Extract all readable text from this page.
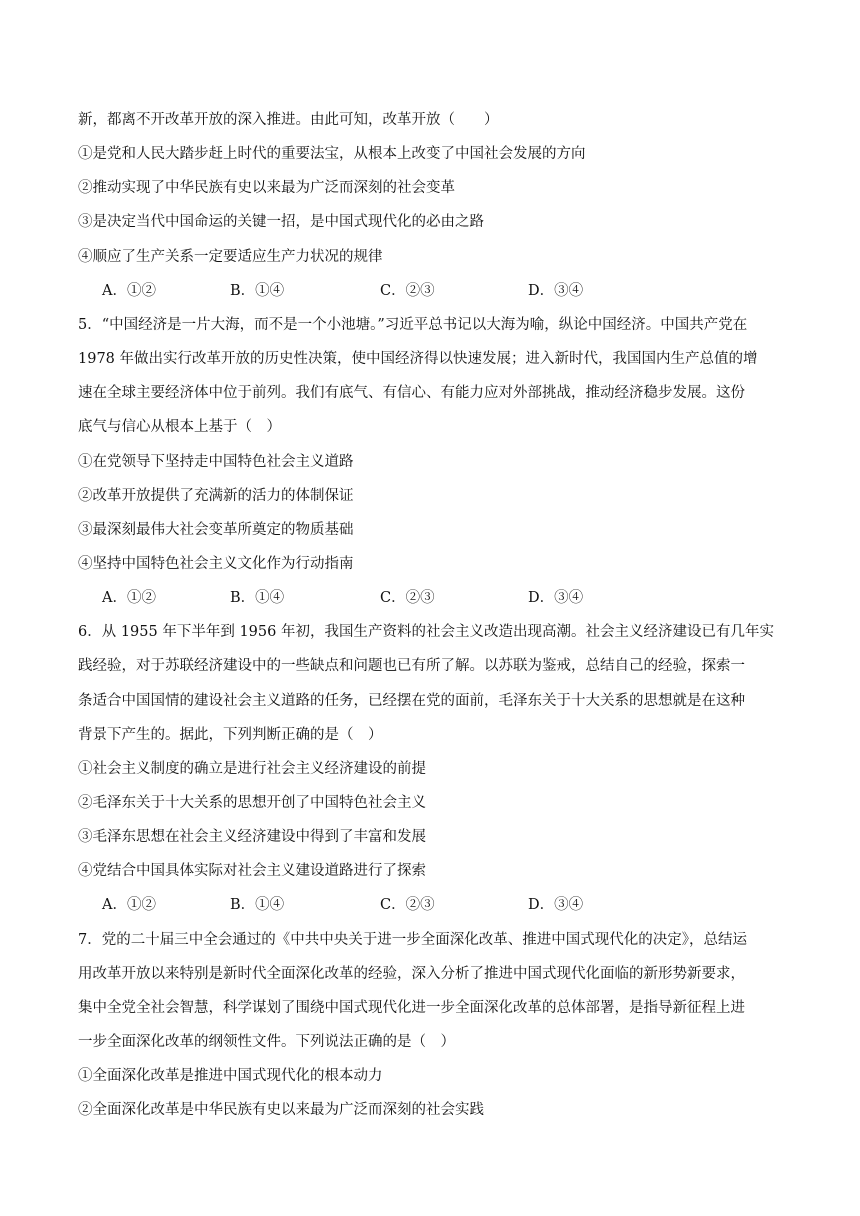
新，都离不开改革开放的深入推进。由此可知，改革开放（　　）
①是党和人民大踏步赶上时代的重要法宝，从根本上改变了中国社会发展的方向
②推动实现了中华民族有史以来最为广泛而深刻的社会变革
③是决定当代中国命运的关键一招，是中国式现代化的必由之路
④顺应了生产关系一定要适应生产力状况的规律
A．①②	B．①④	C．②③	D．③④
5．“中国经济是一片大海，而不是一个小池塘。”习近平总书记以大海为喻，纵论中国经济。中国共产党在
1978 年做出实行改革开放的历史性决策，使中国经济得以快速发展；进入新时代，我国国内生产总值的增
速在全球主要经济体中位于前列。我们有底气、有信心、有能力应对外部挑战，推动经济稳步发展。这份
底气与信心从根本上基于（　）
①在党领导下坚持走中国特色社会主义道路
②改革开放提供了充满新的活力的体制保证
③最深刻最伟大社会变革所奠定的物质基础
④坚持中国特色社会主义文化作为行动指南
A．①②	B．①④	C．②③	D．③④
6．从 1955 年下半年到 1956 年初，我国生产资料的社会主义改造出现高潮。社会主义经济建设已有几年实
践经验，对于苏联经济建设中的一些缺点和问题也已有所了解。以苏联为鉴戒，总结自己的经验，探索一
条适合中国国情的建设社会主义道路的任务，已经摆在党的面前，毛泽东关于十大关系的思想就是在这种
背景下产生的。据此，下列判断正确的是（　）
①社会主义制度的确立是进行社会主义经济建设的前提
②毛泽东关于十大关系的思想开创了中国特色社会主义
③毛泽东思想在社会主义经济建设中得到了丰富和发展
④党结合中国具体实际对社会主义建设道路进行了探索
A．①②	B．①④	C．②③	D．③④
7．党的二十届三中全会通过的《中共中央关于进一步全面深化改革、推进中国式现代化的决定》，总结运
用改革开放以来特别是新时代全面深化改革的经验，深入分析了推进中国式现代化面临的新形势新要求，
集中全党全社会智慧，科学谋划了围绕中国式现代化进一步全面深化改革的总体部署，是指导新征程上进
一步全面深化改革的纲领性文件。下列说法正确的是（　）
①全面深化改革是推进中国式现代化的根本动力
②全面深化改革是中华民族有史以来最为广泛而深刻的社会实践
